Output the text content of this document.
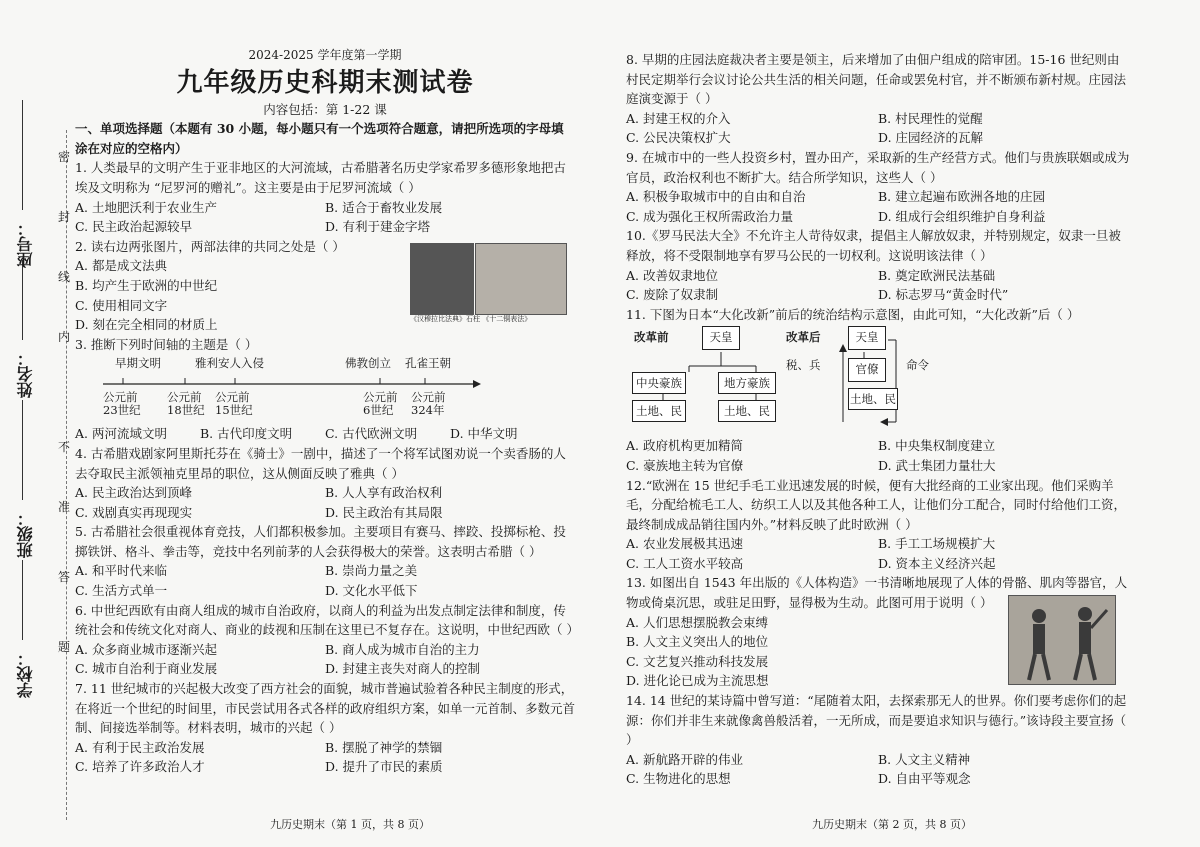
学校：
班级：
姓名：
座号：
密
封
线
内
不
准
答
题
2024-2025 学年度第一学期
九年级历史科期末测试卷
内容包括：第 1-22 课

一、单项选择题（本题有 30 小题，每小题只有一个选项符合题意，请把所选项的字母填涂在对应的空格内）

1. 人类最早的文明产生于亚非地区的大河流域，古希腊著名历史学家希罗多德形象地把古埃及文明称为 “尼罗河的赠礼”。这主要是由于尼罗河流域（ ）

A. 土地肥沃利于农业生产	B. 适合于畜牧业发展
C. 民主政治起源较早	D. 有利于建金字塔

2. 读右边两张图片，两部法律的共同之处是（ ）

A. 都是成文法典
B. 均产生于欧洲的中世纪
C. 使用相同文字
D. 刻在完全相同的材质上	《汉穆拉比法典》石柱 《十二铜表法》

3. 推断下列时间轴的主题是（ ）

早期文明	雅利安人入侵	佛教创立 孔雀王朝
公元前
23世纪
公元前
18世纪
公元前
15世纪
公元前
6世纪
公元前
324年
A. 两河流域文明	B. 古代印度文明	C. 古代欧洲文明	D. 中华文明

4. 古希腊戏剧家阿里斯托芬在《骑士》一剧中，描述了一个将军试图劝说一个卖香肠的人去夺取民主派领袖克里昂的职位，这从侧面反映了雅典（ ）

A. 民主政治达到顶峰	B. 人人享有政治权利
C. 戏剧真实再现现实	D. 民主政治有其局限

5. 古希腊社会很重视体育竞技，人们都积极参加。主要项目有赛马、摔跤、投掷标枪、投掷铁饼、格斗、拳击等，竞技中名列前茅的人会获得极大的荣誉。这表明古希腊（ ）

A. 和平时代来临	B. 崇尚力量之美
C. 生活方式单一	D. 文化水平低下

6. 中世纪西欧有由商人组成的城市自治政府，以商人的利益为出发点制定法律和制度，传统社会和传统文化对商人、商业的歧视和压制在这里已不复存在。这说明，中世纪西欧（ ）

A. 众多商业城市逐渐兴起	B. 商人成为城市自治的主力
C. 城市自治利于商业发展	D. 封建主丧失对商人的控制

7. 11 世纪城市的兴起极大改变了西方社会的面貌，城市普遍试验着各种民主制度的形式，在将近一个世纪的时间里，市民尝试用各式各样的政府组织方案，如单一元首制、多数元首制、间接选举制等。材料表明，城市的兴起（ ）

A. 有利于民主政治发展	B. 摆脱了神学的禁锢
C. 培养了许多政治人才	D. 提升了市民的素质

8. 早期的庄园法庭裁决者主要是领主，后来增加了由佃户组成的陪审团。15-16 世纪则由村民定期举行会议讨论公共生活的相关问题，任命或罢免村官，并不断颁布新村规。庄园法庭演变源于（ ）

A. 封建王权的介入	B. 村民理性的觉醒
C. 公民决策权扩大	D. 庄园经济的瓦解

9. 在城市中的一些人投资乡村，置办田产，采取新的生产经营方式。他们与贵族联姻或成为官员，政治权利也不断扩大。结合所学知识，这些人（ ）

A. 积极争取城市中的自由和自治	B. 建立起遍布欧洲各地的庄园
C. 成为强化王权所需政治力量	D. 组成行会组织维护自身利益

10.《罗马民法大全》不允许主人苛待奴隶，提倡主人解放奴隶，并特别规定，奴隶一旦被释放，将不受限制地享有罗马公民的一切权利。这说明该法律（ ）

A. 改善奴隶地位	B. 奠定欧洲民法基础
C. 废除了奴隶制	D. 标志罗马“黄金时代”

11. 下图为日本“大化改新”前后的统治结构示意图，由此可知，“大化改新”后（ ）

改革前	天皇
中央豪族	地方豪族
土地、民	土地、民
改革后
税、兵
天皇
官僚
土地、民
命令
A. 政府机构更加精简	B. 中央集权制度建立
C. 豪族地主转为官僚	D. 武士集团力量壮大

12.“欧洲在 15 世纪手毛工业迅速发展的时候，便有大批经商的工业家出现。他们采购羊毛，分配给梳毛工人、纺织工人以及其他各种工人，让他们分工配合，同时付给他们工资，最终制成成品销往国内外。”材料反映了此时欧洲（ ）

A. 农业发展极其迅速	B. 手工工场规模扩大
C. 工人工资水平较高	D. 资本主义经济兴起

13. 如图出自 1543 年出版的《人体构造》一书清晰地展现了人体的骨骼、肌肉等器官，人物或倚桌沉思，或驻足田野，显得极为生动。此图可用于说明（ ）

A. 人们思想摆脱教会束缚
B. 人文主义突出人的地位
C. 文艺复兴推动科技发展
D. 进化论已成为主流思想

14. 14 世纪的某诗篇中曾写道：“尾随着太阳，去探索那无人的世界。你们要考虑你们的起源：你们并非生来就像禽兽般活着，一无所成，而是要追求知识与德行。”该诗段主要宣扬（ ）

A. 新航路开辟的伟业	B. 人文主义精神
C. 生物进化的思想	D. 自由平等观念
九历史期末（第 1 页，共 8 页）	九历史期末（第 2 页，共 8 页）
